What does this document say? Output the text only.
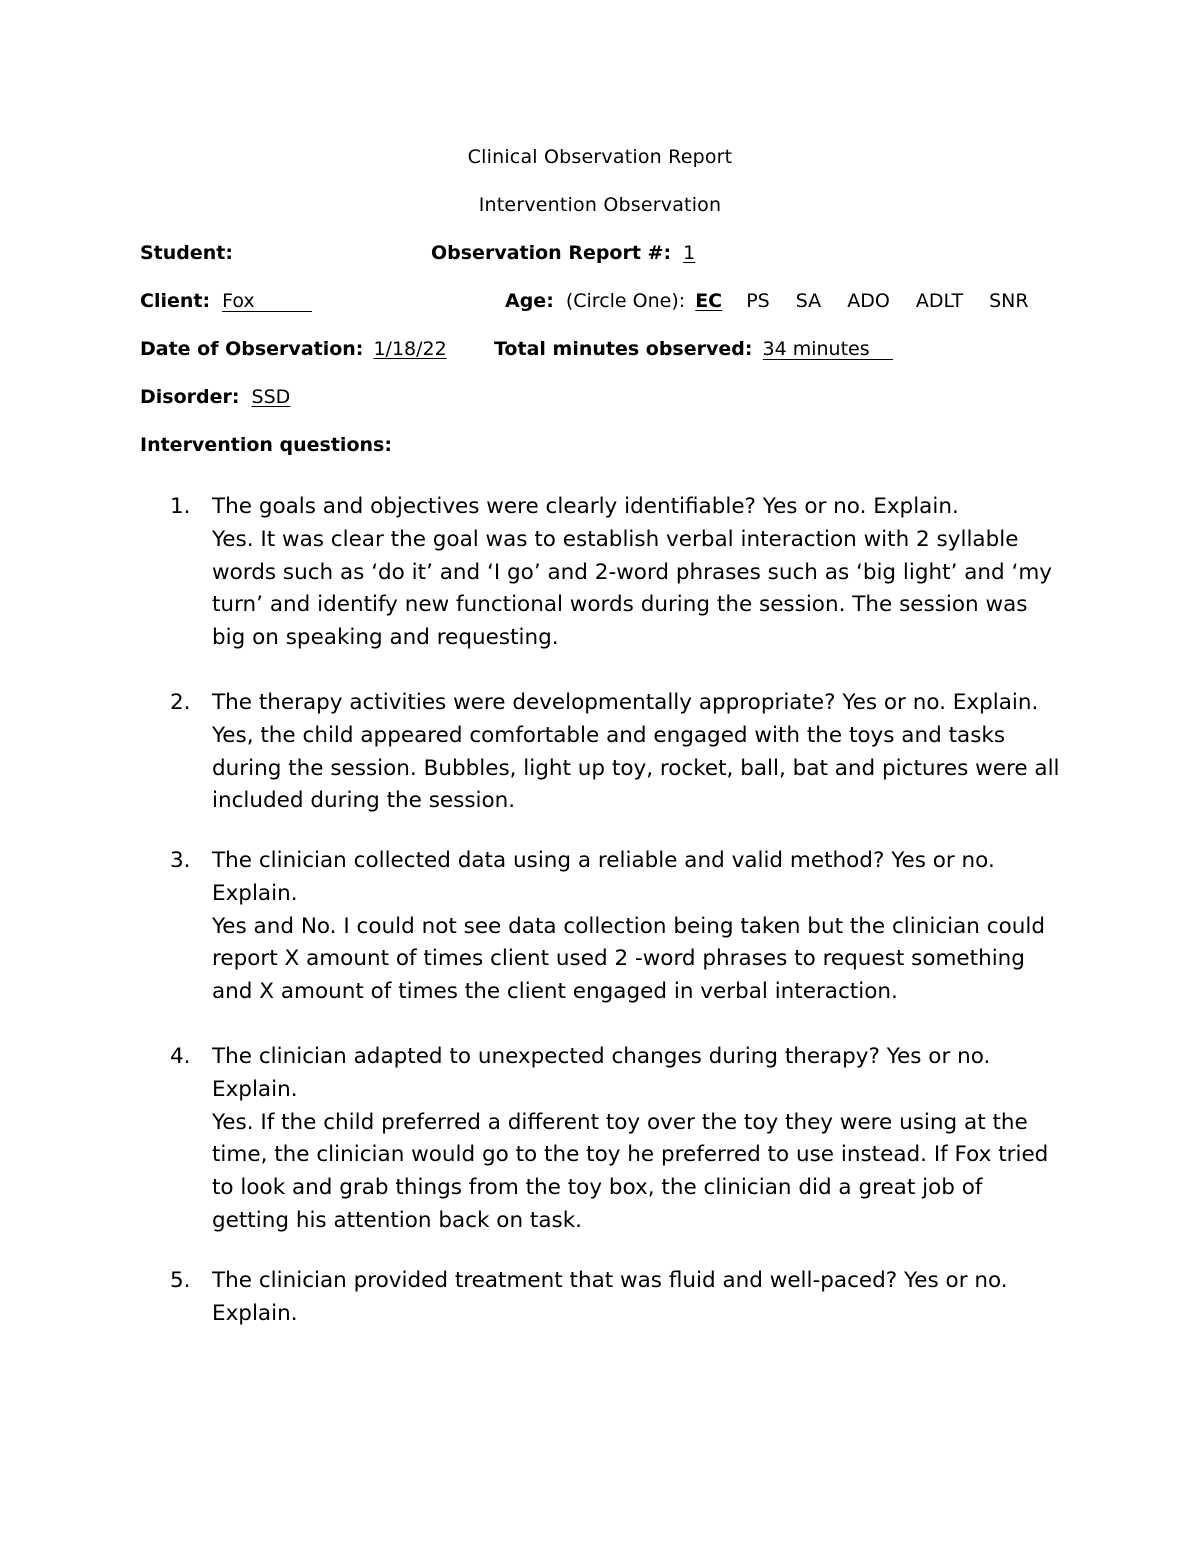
Clinical Observation Report
Intervention Observation
Student:	Observation Report #: 1
Client: Fox	Age: (Circle One): EC PS SA ADO ADLT SNR
Date of Observation: 1/18/22 Total minutes observed: 34 minutes
Disorder: SSD
Intervention questions:
1. The goals and objectives were clearly identifiable? Yes or no. Explain.
Yes. It was clear the goal was to establish verbal interaction with 2 syllable words such as ‘do it’ and ‘I go’ and 2-word phrases such as ‘big light’ and ‘my turn’ and identify new functional words during the session. The session was big on speaking and requesting.
2. The therapy activities were developmentally appropriate? Yes or no. Explain.
Yes, the child appeared comfortable and engaged with the toys and tasks during the session. Bubbles, light up toy, rocket, ball, bat and pictures were all included during the session.
3. The clinician collected data using a reliable and valid method? Yes or no. Explain.
Yes and No. I could not see data collection being taken but the clinician could report X amount of times client used 2 -word phrases to request something and X amount of times the client engaged in verbal interaction.
4. The clinician adapted to unexpected changes during therapy? Yes or no. Explain.
Yes. If the child preferred a different toy over the toy they were using at the time, the clinician would go to the toy he preferred to use instead. If Fox tried to look and grab things from the toy box, the clinician did a great job of getting his attention back on task.
5. The clinician provided treatment that was fluid and well-paced? Yes or no. Explain.
